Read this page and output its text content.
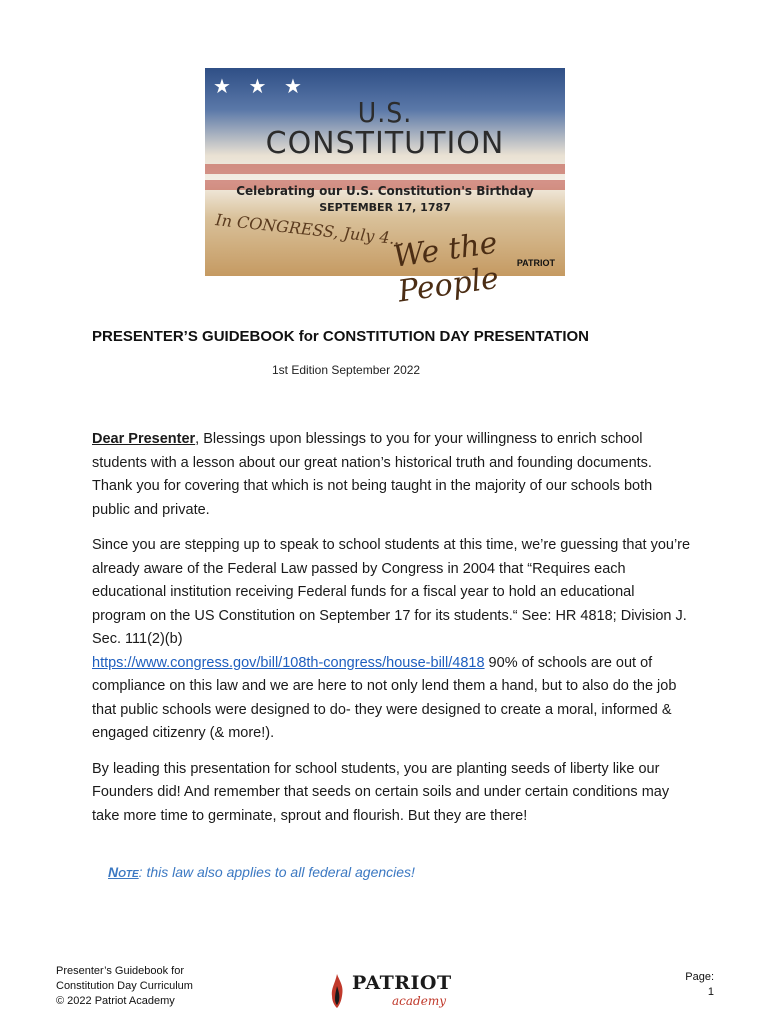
★ ★ ★
U.S.
CONSTITUTION
Celebrating our U.S. Constitution's Birthday
SEPTEMBER 17, 1787
In CONGRESS, July 4...
We the People	PATRIOT
PRESENTER’S GUIDEBOOK for CONSTITUTION DAY PRESENTATION
1st Edition September 2022

Dear Presenter, Blessings upon blessings to you for your willingness to enrich school students with a lesson about our great nation’s historical truth and founding documents. Thank you for covering that which is not being taught in the majority of our schools both public and private.

Since you are stepping up to speak to school students at this time, we’re guessing that you’re already aware of the Federal Law passed by Congress in 2004 that “Requires each educational institution receiving Federal funds for a fiscal year to hold an educational program on the US Constitution on September 17 for its students.“ See: HR 4818; Division J. Sec. 111(2)(b)
https://www.congress.gov/bill/108th-congress/house-bill/4818 90% of schools are out of compliance on this law and we are here to not only lend them a hand, but to also do the job that public schools were designed to do- they were designed to create a moral, informed & engaged citizenry (& more!).

By leading this presentation for school students, you are planting seeds of liberty like our Founders did! And remember that seeds on certain soils and under certain conditions may take more time to germinate, sprout and flourish. But they are there!

Note: this law also applies to all federal agencies!
Presenter’s Guidebook for
Constitution Day Curriculum
© 2022 Patriot Academy
PATRIOT
academy
Page:
1
